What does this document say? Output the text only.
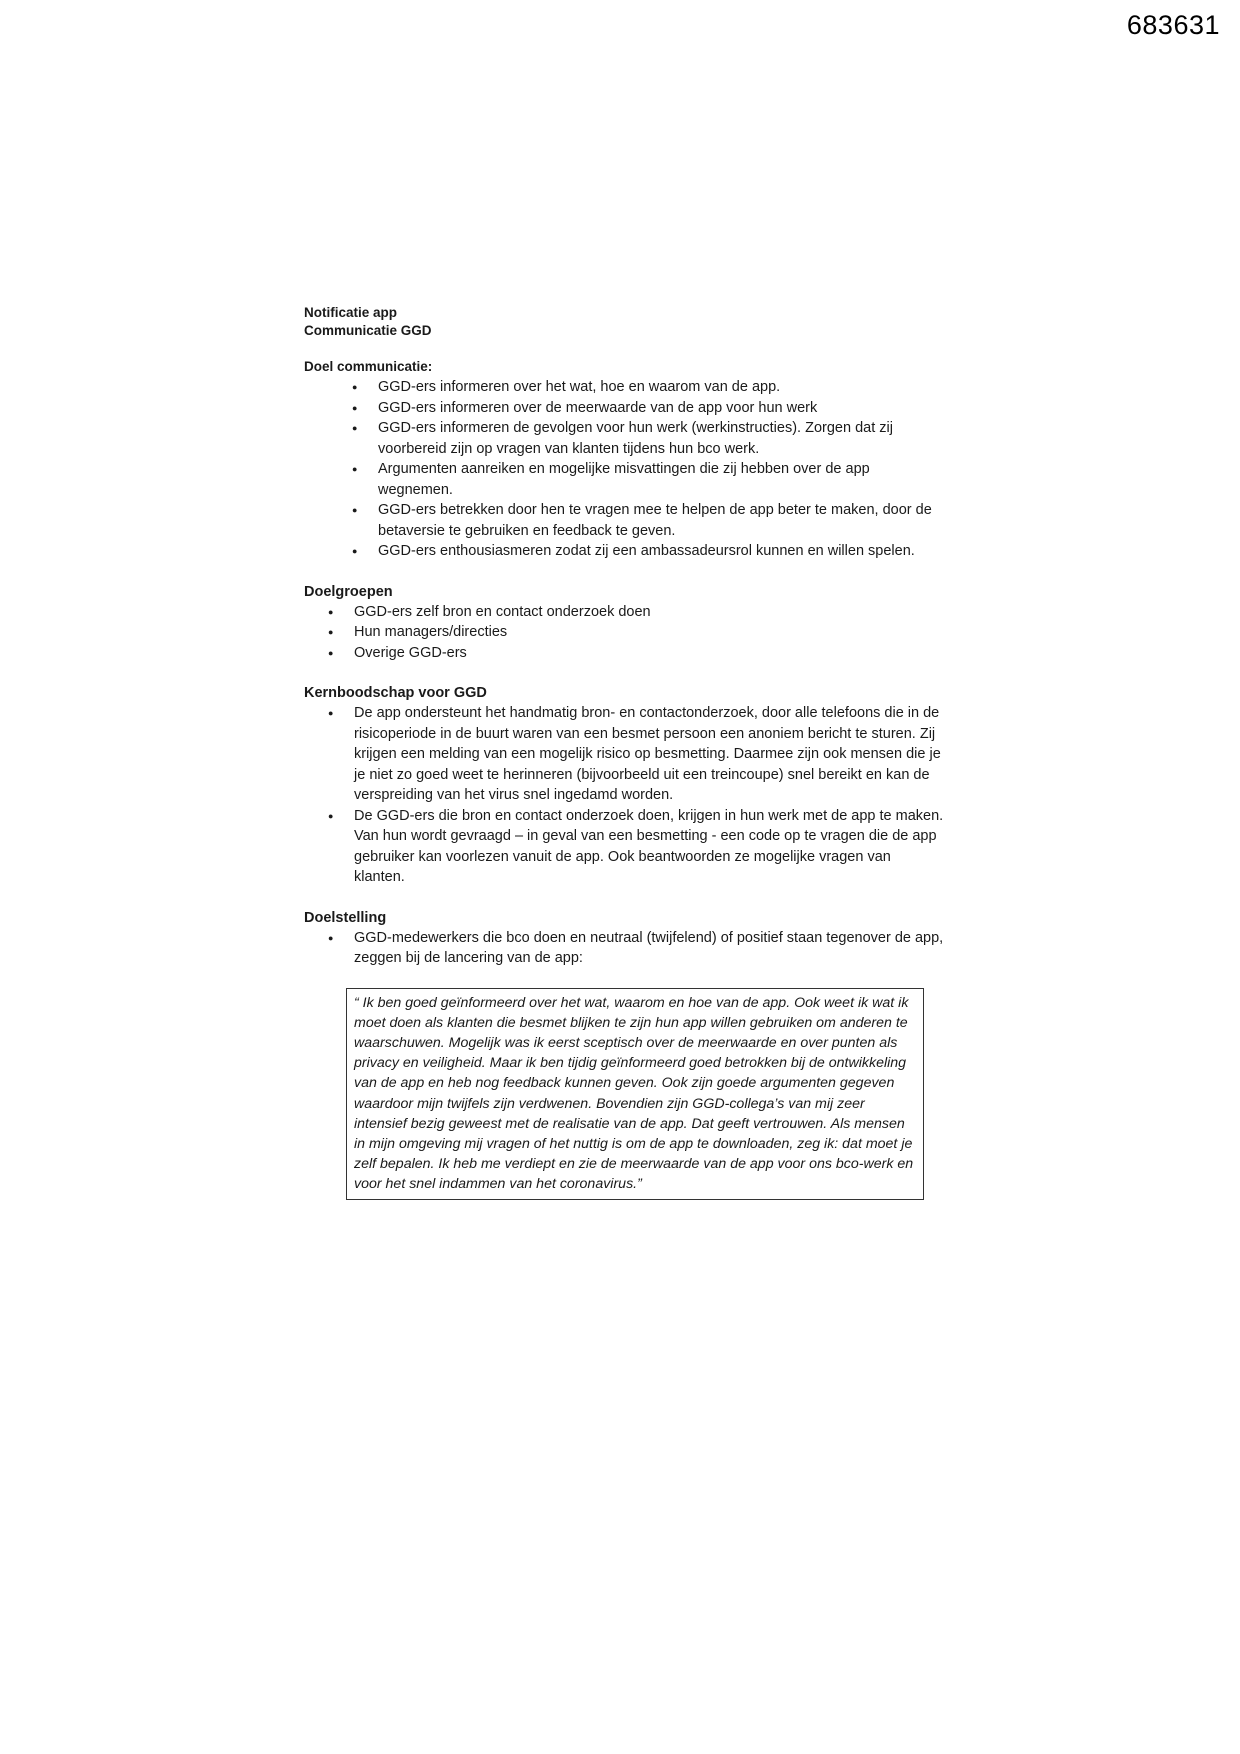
683631
Notificatie app
Communicatie GGD

Doel communicatie:

● GGD-ers informeren over het wat, hoe en waarom van de app.
● GGD-ers informeren over de meerwaarde van de app voor hun werk
● GGD-ers informeren de gevolgen voor hun werk (werkinstructies). Zorgen dat zij voorbereid zijn op vragen van klanten tijdens hun bco werk.
● Argumenten aanreiken en mogelijke misvattingen die zij hebben over de app wegnemen.
● GGD-ers betrekken door hen te vragen mee te helpen de app beter te maken, door de betaversie te gebruiken en feedback te geven.
● GGD-ers enthousiasmeren zodat zij een ambassadeursrol kunnen en willen spelen.

Doelgroepen

● GGD-ers zelf bron en contact onderzoek doen
● Hun managers/directies
● Overige GGD-ers

Kernboodschap voor GGD

● De app ondersteunt het handmatig bron- en contactonderzoek, door alle telefoons die in de risicoperiode in de buurt waren van een besmet persoon een anoniem bericht te sturen. Zij krijgen een melding van een mogelijk risico op besmetting. Daarmee zijn ook mensen die je je niet zo goed weet te herinneren (bijvoorbeeld uit een treincoupe) snel bereikt en kan de verspreiding van het virus snel ingedamd worden.
● De GGD-ers die bron en contact onderzoek doen, krijgen in hun werk met de app te maken. Van hun wordt gevraagd – in geval van een besmetting - een code op te vragen die de app gebruiker kan voorlezen vanuit de app. Ook beantwoorden ze mogelijke vragen van klanten.

Doelstelling

● GGD-medewerkers die bco doen en neutraal (twijfelend) of positief staan tegenover de app, zeggen bij de lancering van de app:
“ Ik ben goed geïnformeerd over het wat, waarom en hoe van de app. Ook weet ik wat ik moet doen als klanten die besmet blijken te zijn hun app willen gebruiken om anderen te waarschuwen. Mogelijk was ik eerst sceptisch over de meerwaarde en over punten als privacy en veiligheid. Maar ik ben tijdig geïnformeerd goed betrokken bij de ontwikkeling van de app en heb nog feedback kunnen geven. Ook zijn goede argumenten gegeven waardoor mijn twijfels zijn verdwenen. Bovendien zijn GGD-collega’s van mij zeer intensief bezig geweest met de realisatie van de app. Dat geeft vertrouwen. Als mensen in mijn omgeving mij vragen of het nuttig is om de app te downloaden, zeg ik: dat moet je zelf bepalen. Ik heb me verdiept en zie de meerwaarde van de app voor ons bco-werk en voor het snel indammen van het coronavirus.”
